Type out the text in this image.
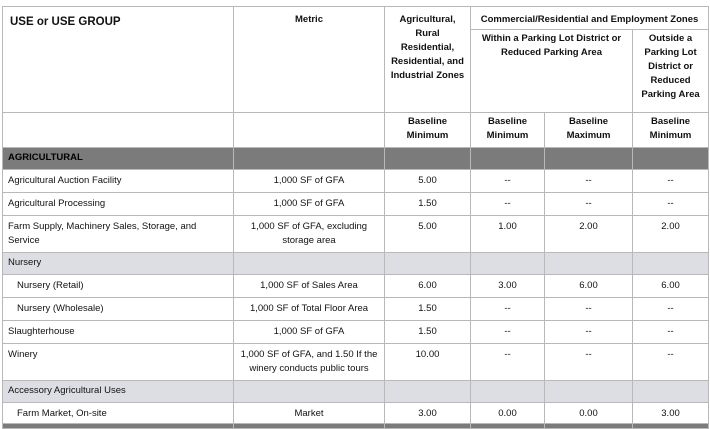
USE or USE GROUP	Metric	Agricultural, Rural Residential, Residential, and Industrial Zones	Commercial/Residential and Employment Zones		
			Within a Parking Lot District or Reduced Parking Area		Outside a Parking Lot District or Reduced Parking Area
		Baseline Minimum	Baseline Minimum	Baseline Maximum	Baseline Minimum
AGRICULTURAL					
Agricultural Auction Facility	1,000 SF of GFA	5.00	--	--	--
Agricultural Processing	1,000 SF of GFA	1.50	--	--	--
Farm Supply, Machinery Sales, Storage, and Service	1,000 SF of GFA, excluding storage area	5.00	1.00	2.00	2.00
Nursery					
Nursery (Retail)	1,000 SF of Sales Area	6.00	3.00	6.00	6.00
Nursery (Wholesale)	1,000 SF of Total Floor Area	1.50	--	--	--
Slaughterhouse	1,000 SF of GFA	1.50	--	--	--
Winery	1,000 SF of GFA, and 1.50 If the winery conducts public tours	10.00	--	--	--
Accessory Agricultural Uses					
Farm Market, On-site	Market	3.00	0.00	0.00	3.00
